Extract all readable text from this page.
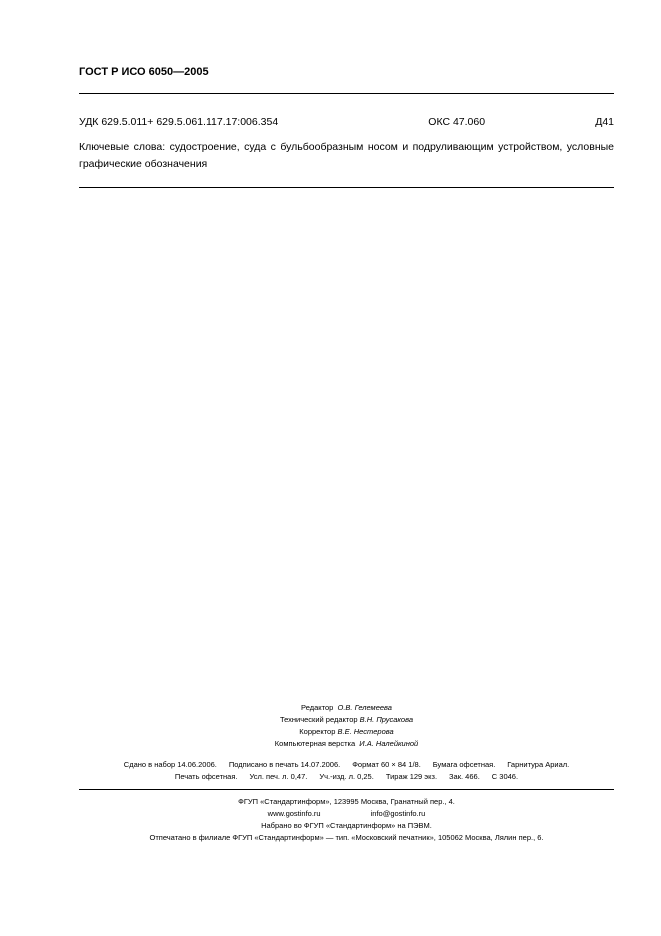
ГОСТ Р ИСО 6050—2005
УДК 629.5.011+ 629.5.061.117.17:006.354	ОКС 47.060	Д41
Ключевые слова: судостроение, суда с бульбообразным носом и подруливающим устройством, условные графические обозначения
Редактор О.В. Гелемеева
Технический редактор В.Н. Прусакова
Корректор В.Е. Нестерова
Компьютерная верстка И.А. Налейкиной
Сдано в набор 14.06.2006. Подписано в печать 14.07.2006. Формат 60 × 84 1/8. Бумага офсетная. Гарнитура Ариал.
Печать офсетная. Усл. печ. л. 0,47. Уч.-изд. л. 0,25. Тираж 129 экз. Зак. 466. С 3046.
ФГУП «Стандартинформ», 123995 Москва, Гранатный пер., 4.
www.gostinfo.ru	info@gostinfo.ru
Набрано во ФГУП «Стандартинформ» на ПЭВМ.
Отпечатано в филиале ФГУП «Стандартинформ» — тип. «Московский печатник», 105062 Москва, Лялин пер., 6.
